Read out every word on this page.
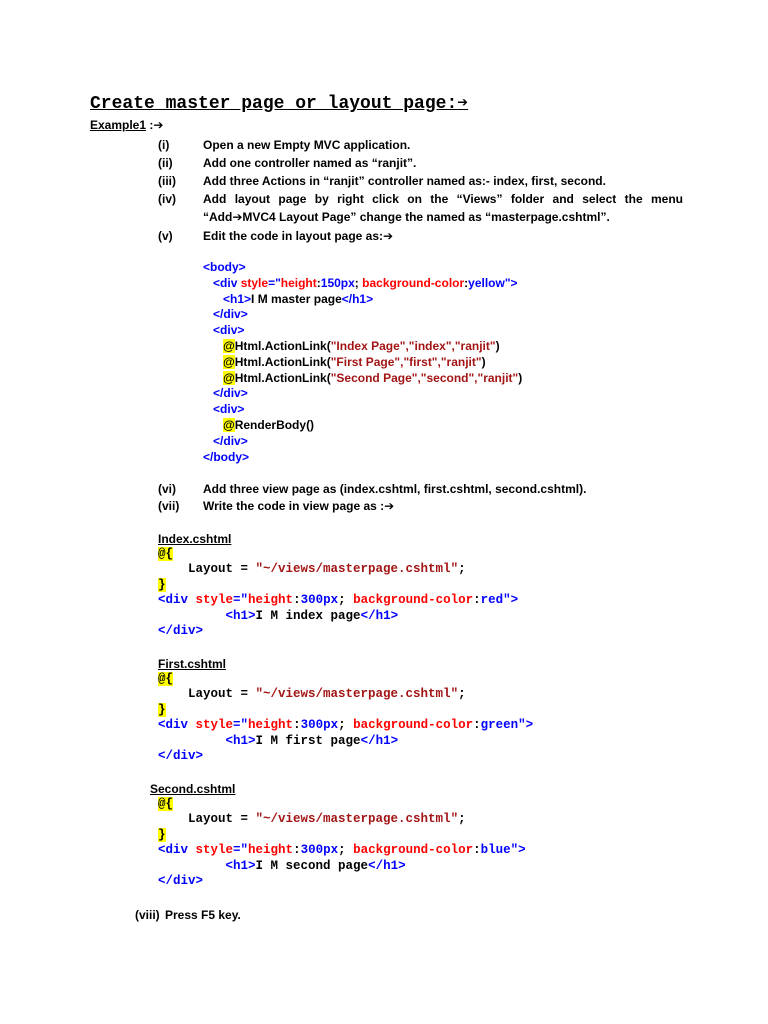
Create master page or layout page:➔
Example1 :➔
(i)	Open a new Empty MVC application.
(ii)	Add one controller named as “ranjit”.
(iii) Add three Actions in “ranjit” controller named as:- index, first, second.
(iv) Add layout page by right click on the “Views” folder and select the menu “Add➔MVC4 Layout Page” change the named as “masterpage.cshtml”.
(v)	Edit the code in layout page as:➔
<body>
<div style="height:150px; background-color:yellow">
<h1>I M master page</h1>
</div>
<div>
@Html.ActionLink("Index Page","index","ranjit")
@Html.ActionLink("First Page","first","ranjit")
@Html.ActionLink("Second Page","second","ranjit")
</div>
<div>
@RenderBody()
</div>
</body>
(vi) Add three view page as (index.cshtml, first.cshtml, second.cshtml).
(vii) Write the code in view page as :➔
Index.cshtml
@{
Layout = "~/views/masterpage.cshtml";
}
<div style="height:300px; background-color:red">
<h1>I M index page</h1>
</div>
First.cshtml
@{
Layout = "~/views/masterpage.cshtml";
}
<div style="height:300px; background-color:green">
<h1>I M first page</h1>
</div>
Second.cshtml
@{
Layout = "~/views/masterpage.cshtml";
}
<div style="height:300px; background-color:blue">
<h1>I M second page</h1>
</div>
(viii) Press F5 key.
